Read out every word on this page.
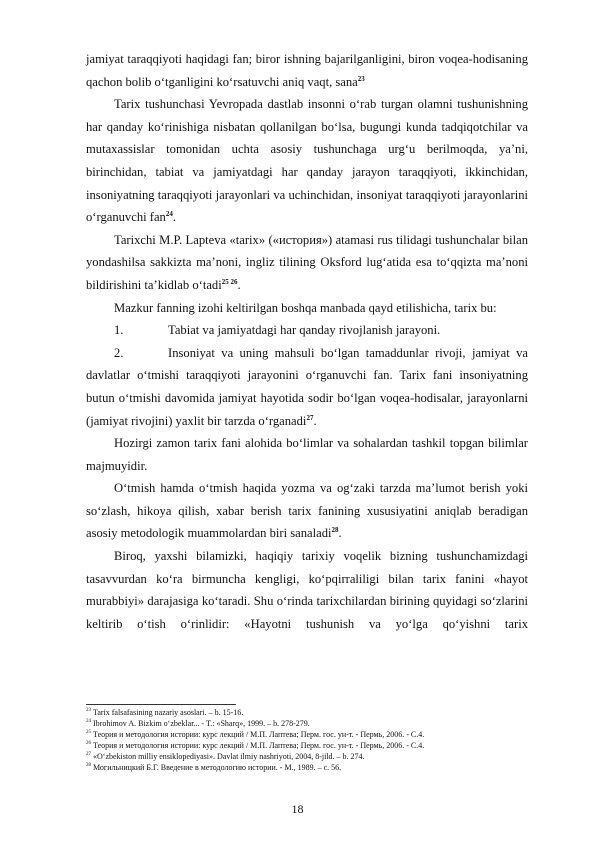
jamiyat taraqqiyoti haqidagi fan; biror ishning bajarilganligini, biron voqea-hodisaning qachon bolib o‘tganligini ko‘rsatuvchi aniq vaqt, sana$^{23}$

Tarix tushunchasi Yevropada dastlab insonni o‘rab turgan olamni tushunishning har qanday ko‘rinishiga nisbatan qollanilgan bo‘lsa, bugungi kunda tadqiqotchilar va mutaxassislar tomonidan uchta asosiy tushunchaga urg‘u berilmoqda, ya’ni, birinchidan, tabiat va jamiyatdagi har qanday jarayon taraqqiyoti, ikkinchidan, insoniyatning taraqqiyoti jarayonlari va uchinchidan, insoniyat taraqqiyoti jarayonlarini o‘rganuvchi fan$^{24}$.

Tarixchi M.P. Lapteva «tarix» («история») atamasi rus tilidagi tushunchalar bilan yondashilsa sakkizta ma’noni, ingliz tilining Oksford lug‘atida esa to‘qqizta ma’noni bildirishini ta’kidlab o‘tadi$^{25 26}$.

Mazkur fanning izohi keltirilgan boshqa manbada qayd etilishicha, tarix bu:

1.	Tabiat va jamiyatdagi har qanday rivojlanish jarayoni.

2.	Insoniyat va uning mahsuli bo‘lgan tamaddunlar rivoji, jamiyat va davlatlar o‘tmishi taraqqiyoti jarayonini o‘rganuvchi fan. Tarix fani insoniyatning butun o‘tmishi davomida jamiyat hayotida sodir bo‘lgan voqea-hodisalar, jarayonlarni (jamiyat rivojini) yaxlit bir tarzda o‘rganadi$^{27}$.

Hozirgi zamon tarix fani alohida bo‘limlar va sohalardan tashkil topgan bilimlar majmuyidir.

O‘tmish hamda o‘tmish haqida yozma va og‘zaki tarzda ma’lumot berish yoki so‘zlash, hikoya qilish, xabar berish tarix fanining xususiyatini aniqlab beradigan asosiy metodologik muammolardan biri sanaladi$^{28}$.

Biroq, yaxshi bilamizki, haqiqiy tarixiy voqelik bizning tushunchamizdagi tasavvurdan ko‘ra birmuncha kengligi, ko‘pqirraliligi bilan tarix fanini «hayot murabbiyi» darajasiga ko‘taradi. Shu o‘rinda tarixchilardan birining quyidagi so‘zlarini keltirib o‘tish o‘rinlidir: «Hayotni tushunish va yo‘lga qo‘yishni tarix

$^{23}$ Tarix falsafasining nazariy asoslari. – b. 15-16.
$^{24}$ Ibrohimov A. Bizkim o‘zbeklar... - T.: «Sharq», 1999. – b. 278-279.
$^{25}$ Теория и методология истории: курс лекций / М.П. Лаптева; Перм. гос. ун-т. - Пермь, 2006. - С.4.
$^{26}$ Теория и методология истории: курс лекций / М.П. Лаптева; Перм. гос. ун-т. - Пермь, 2006. - С.4.
$^{27}$ «O‘zbekiston milliy ensiklopediyasi». Davlat ilmiy nashriyoti, 2004, 8-jild. – b. 274.
$^{28}$ Могильницкий Б.Г. Введение в методологию истории. - М., 1989. – с. 56.
18
